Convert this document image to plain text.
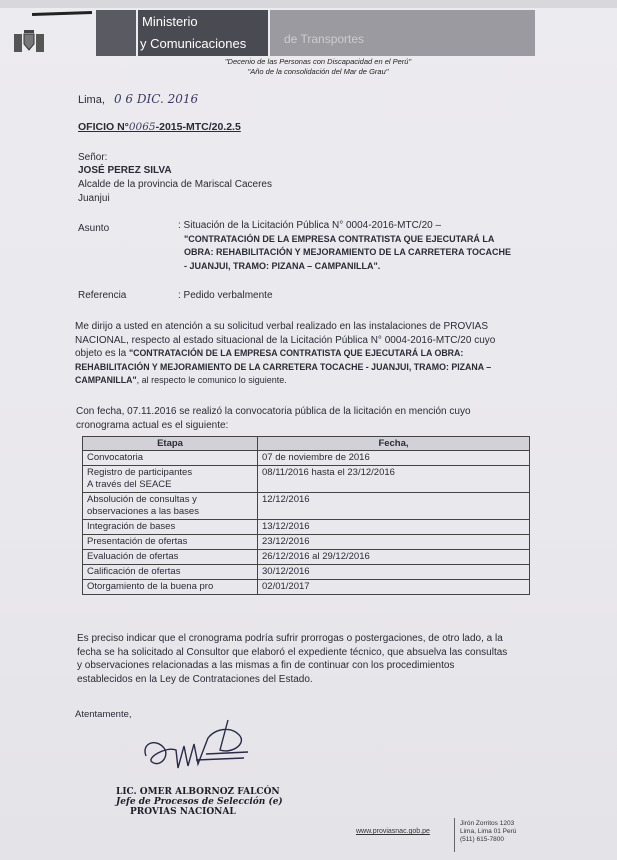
Ministerio
y Comunicaciones	de Transportes
"Decenio de las Personas con Discapacidad en el Perú"
"Año de la consolidación del Mar de Grau"
Lima, 0 6 DIC. 2016
OFICIO N°0065-2015-MTC/20.2.5
Señor:
JOSÉ PEREZ SILVA
Alcalde de la provincia de Mariscal Caceres
Juanjui
Asunto	: Situación de la Licitación Pública N° 0004-2016-MTC/20 –
"CONTRATACIÓN DE LA EMPRESA CONTRATISTA QUE EJECUTARÁ LA
OBRA: REHABILITACIÓN Y MEJORAMIENTO DE LA CARRETERA TOCACHE
- JUANJUI, TRAMO: PIZANA – CAMPANILLA".
Referencia	: Pedido verbalmente
Me dirijo a usted en atención a su solicitud verbal realizado en las instalaciones de PROVIAS
NACIONAL, respecto al estado situacional de la Licitación Pública N° 0004-2016-MTC/20 cuyo
objeto es la "CONTRATACIÓN DE LA EMPRESA CONTRATISTA QUE EJECUTARÁ LA OBRA:
REHABILITACIÓN Y MEJORAMIENTO DE LA CARRETERA TOCACHE - JUANJUI, TRAMO: PIZANA –
CAMPANILLA", al respecto le comunico lo siguiente.
Con fecha, 07.11.2016 se realizó la convocatoria pública de la licitación en mención cuyo
cronograma actual es el siguiente:
Etapa	Fecha,
Convocatoria	07 de noviembre de 2016
Registro de participantes
A través del SEACE	08/11/2016 hasta el 23/12/2016
Absolución de consultas y
observaciones a las bases	12/12/2016
Integración de bases	13/12/2016
Presentación de ofertas	23/12/2016
Evaluación de ofertas	26/12/2016 al 29/12/2016
Calificación de ofertas	30/12/2016
Otorgamiento de la buena pro	02/01/2017
Es preciso indicar que el cronograma podría sufrir prorrogas o postergaciones, de otro lado, a la
fecha se ha solicitado al Consultor que elaboró el expediente técnico, que absuelva las consultas
y observaciones relacionadas a las mismas a fin de continuar con los procedimientos
establecidos en la Ley de Contrataciones del Estado.
Atentamente,
LIC. OMER ALBORNOZ FALCÓN
Jefe de Procesos de Selección (e)
PROVIAS NACIONAL
www.proviasnac.gob.pe
Jirón Zorritos 1203
Lima, Lima 01 Perú
(511) 615-7800
